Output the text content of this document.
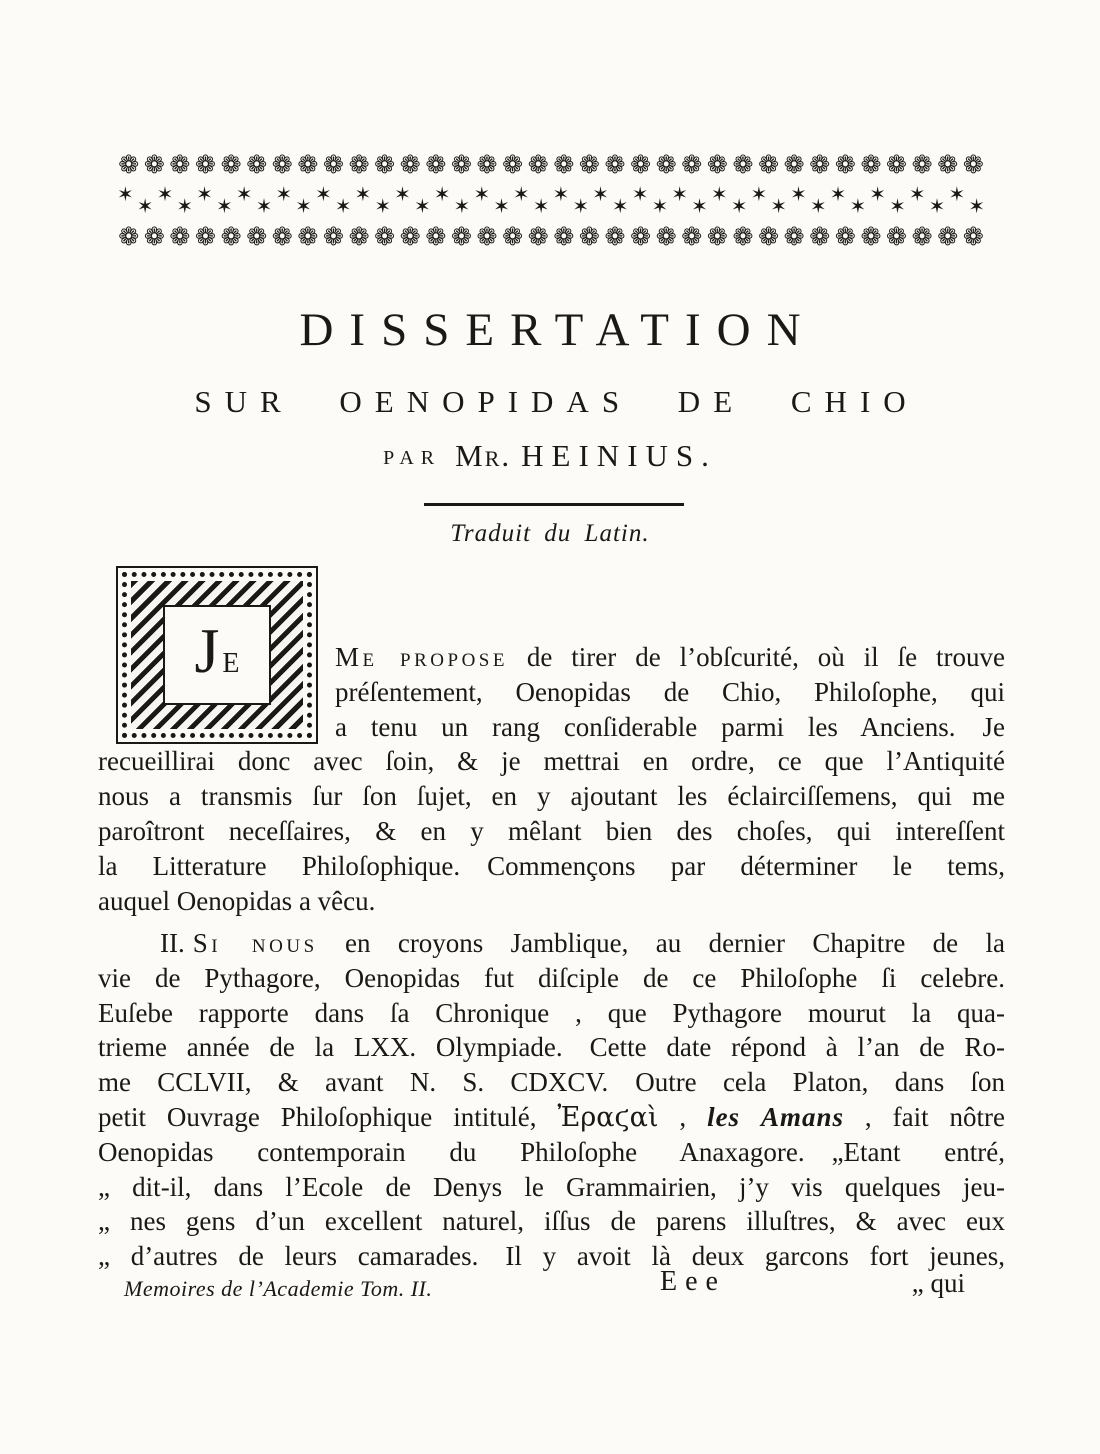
❁ ❁ ❁ ❁ ❁ ❁ ❁ ❁ ❁ ❁ ❁ ❁ ❁ ❁ ❁ ❁ ❁ ❁ ❁ ❁ ❁ ❁ ❁ ❁ ❁ ❁ ❁ ❁ ❁ ❁ ❁ ❁ ❁ ❁
✶ ✶ ✶ ✶ ✶ ✶ ✶ ✶ ✶ ✶ ✶ ✶ ✶ ✶ ✶ ✶ ✶ ✶ ✶ ✶ ✶ ✶ ✶ ✶ ✶ ✶ ✶ ✶ ✶ ✶ ✶ ✶ ✶ ✶ ✶ ✶ ✶ ✶ ✶ ✶ ✶ ✶ ✶ ✶
❁ ❁ ❁ ❁ ❁ ❁ ❁ ❁ ❁ ❁ ❁ ❁ ❁ ❁ ❁ ❁ ❁ ❁ ❁ ❁ ❁ ❁ ❁ ❁ ❁ ❁ ❁ ❁ ❁ ❁ ❁ ❁ ❁ ❁
DISSERTATION
SUR OENOPIDAS DE CHIO
PAR Mr. HEINIUS.
Traduit du Latin.
J E	Me propose de tirer de l’obſcurité, où il ſe trouve
préſentement, Oenopidas de Chio, Philoſophe, qui
a tenu un rang conſiderable parmi les Anciens. Je
recueillirai donc avec ſoin, & je mettrai en ordre, ce que l’Antiquité
nous a transmis ſur ſon ſujet, en y ajoutant les éclairciſſemens, qui me
paroîtront neceſſaires, & en y mêlant bien des choſes, qui intereſſent
la Litterature Philoſophique. Commençons par déterminer le tems,
auquel Oenopidas a vêcu.
II. Si nous en croyons Jamblique, au dernier Chapitre de la
vie de Pythagore, Oenopidas fut diſciple de ce Philoſophe ſi celebre.
Euſebe rapporte dans ſa Chronique , que Pythagore mourut la qua-
trieme année de la LXX. Olympiade. Cette date répond à l’an de Ro-
me CCLVII, & avant N. S. CDXCV. Outre cela Platon, dans ſon
petit Ouvrage Philoſophique intitulé, Ἐραϛαὶ , les Amans , fait nôtre
Oenopidas contemporain du Philoſophe Anaxagore. „Etant entré,
„ dit-il, dans l’Ecole de Denys le Grammairien, j’y vis quelques jeu-
„ nes gens d’un excellent naturel, iſſus de parens illuſtres, & avec eux
„ d’autres de leurs camarades. Il y avoit là deux garcons fort jeunes,
Memoires de l’Academie Tom. II.	Eee	„ qui
